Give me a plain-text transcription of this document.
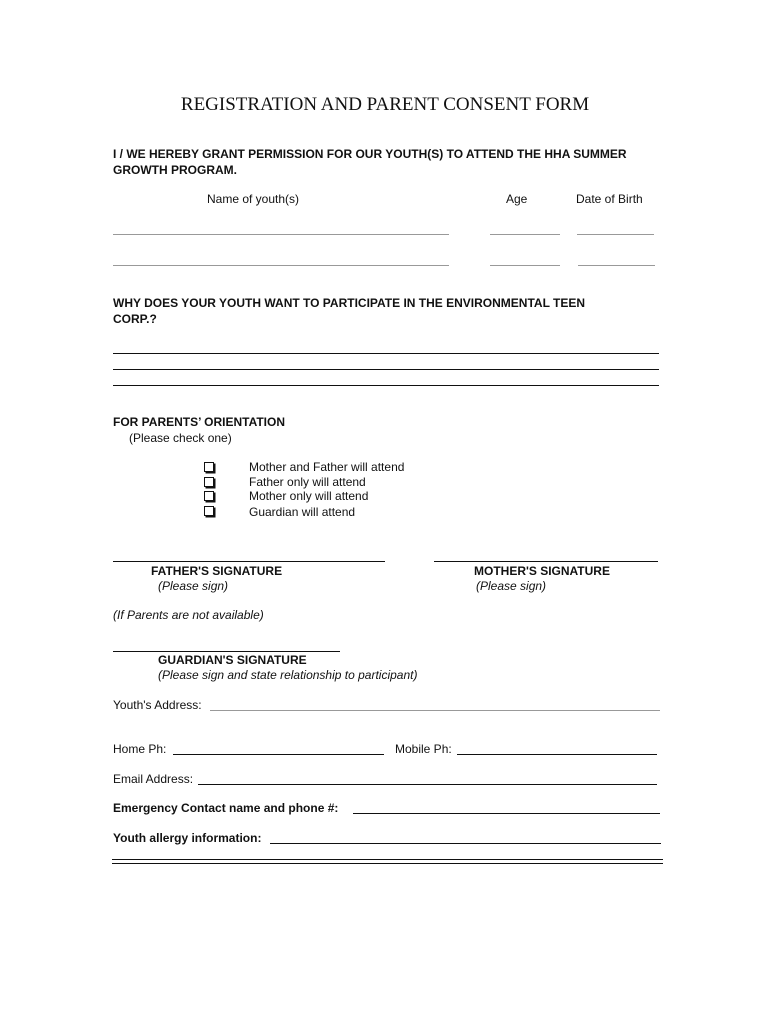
REGISTRATION AND PARENT CONSENT FORM
I / WE HEREBY GRANT PERMISSION FOR OUR YOUTH(S) TO ATTEND THE HHA SUMMER
GROWTH PROGRAM.
Name of youth(s)	Age	Date of Birth
WHY DOES YOUR YOUTH WANT TO PARTICIPATE IN THE ENVIRONMENTAL TEEN
CORP.?
FOR PARENTS’ ORIENTATION
(Please check one)
Mother and Father will attend
Father only will attend
Mother only will attend
Guardian will attend
FATHER'S SIGNATURE
(Please sign)
MOTHER'S SIGNATURE
(Please sign)
(If Parents are not available)
GUARDIAN'S SIGNATURE
(Please sign and state relationship to participant)
Youth's Address:
Home Ph:	Mobile Ph:
Email Address:
Emergency Contact name and phone #:
Youth allergy information:
